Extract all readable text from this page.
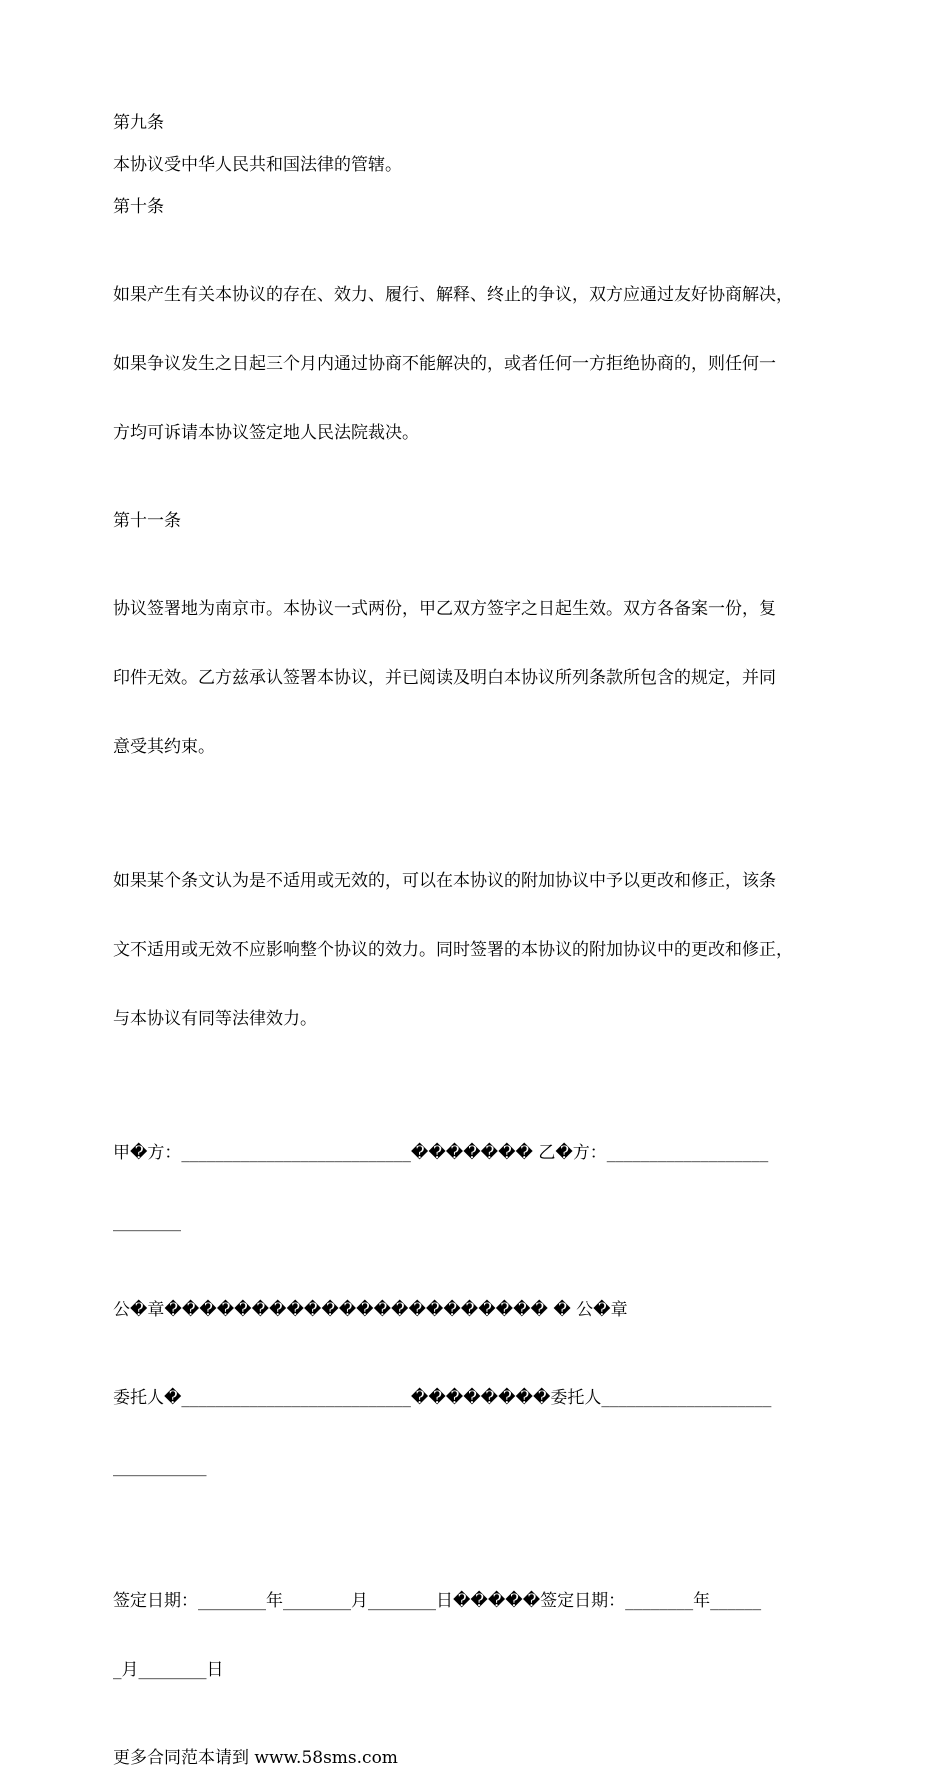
第九条
本协议受中华人民共和国法律的管辖。
第十条

如果产生有关本协议的存在、效力、履行、解释、终止的争议，双方应通过友好协商解决，

如果争议发生之日起三个月内通过协商不能解决的，或者任何一方拒绝协商的，则任何一

方均可诉请本协议签定地人民法院裁决。

第十一条

协议签署地为南京市。本协议一式两份，甲乙双方签字之日起生效。双方各备案一份，复

印件无效。乙方兹承认签署本协议，并已阅读及明白本协议所列条款所包含的规定，并同

意受其约束。

如果某个条文认为是不适用或无效的，可以在本协议的附加协议中予以更改和修正，该条

文不适用或无效不应影响整个协议的效力。同时签署的本协议的附加协议中的更改和修正，

与本协议有同等法律效力。

甲�方：___________________________������� 乙�方：___________________

________

公�章���������������������� � 公�章

委托人�___________________________��������委托人____________________

___________

签定日期：________年________月________日�����签定日期：________年______

_月________日

更多合同范本请到 www.58sms.com
